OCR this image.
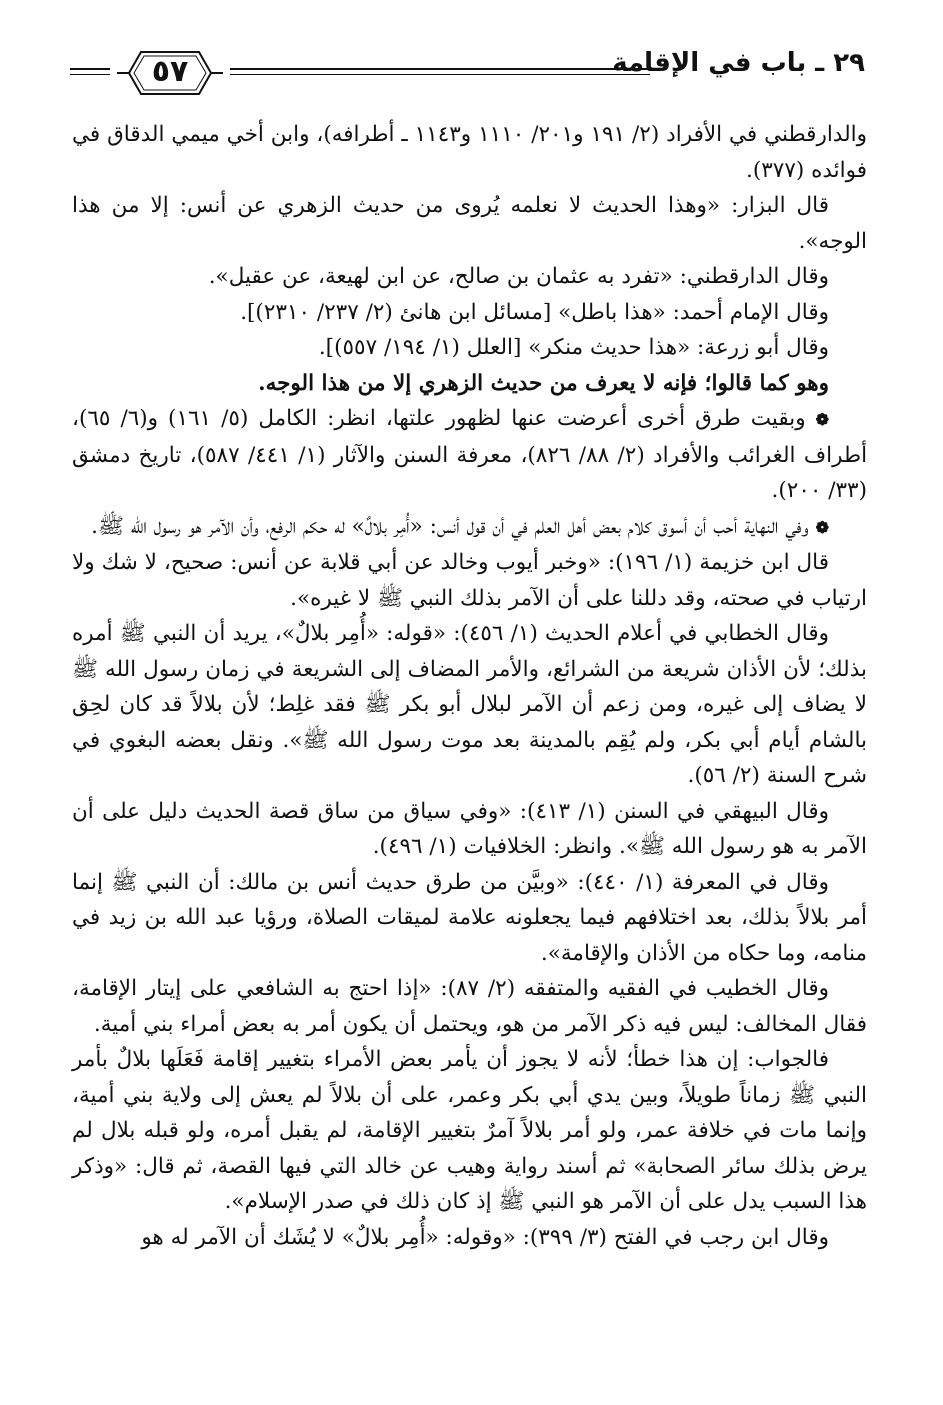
٢٩ ـ باب في الإقامة
٥٧

والدارقطني في الأفراد (٢/ ١٩١ و٢٠١/ ١١١٠ و١١٤٣ ـ أطرافه)، وابن أخي ميمي الدقاق في فوائده (٣٧٧).

قال البزار: «وهذا الحديث لا نعلمه يُروى من حديث الزهري عن أنس: إلا من هذا الوجه».

وقال الدارقطني: «تفرد به عثمان بن صالح، عن ابن لهيعة، عن عقيل».

وقال الإمام أحمد: «هذا باطل» [مسائل ابن هانئ (٢/ ٢٣٧/ ٢٣١٠)].

وقال أبو زرعة: «هذا حديث منكر» [العلل (١/ ١٩٤/ ٥٥٧)].

وهو كما قالوا؛ فإنه لا يعرف من حديث الزهري إلا من هذا الوجه.

❁ وبقيت طرق أخرى أعرضت عنها لظهور علتها، انظر: الكامل (٥/ ١٦١) و(٦/ ٦٥)، أطراف الغرائب والأفراد (٢/ ٨٨/ ٨٢٦)، معرفة السنن والآثار (١/ ٤٤١/ ٥٨٧)، تاريخ دمشق (٣٣/ ٢٠٠).

❁ وفي النهاية أحب أن أسوق كلام بعض أهل العلم في أن قول أنس: «أُمِر بلالٌ» له حكم الرفع، وأن الآمر هو رسول الله ﷺ.

قال ابن خزيمة (١/ ١٩٦): «وخبر أيوب وخالد عن أبي قلابة عن أنس: صحيح، لا شك ولا ارتياب في صحته، وقد دللنا على أن الآمر بذلك النبي ﷺ لا غيره».

وقال الخطابي في أعلام الحديث (١/ ٤٥٦): «قوله: «أُمِر بلالٌ»، يريد أن النبي ﷺ أمره بذلك؛ لأن الأذان شريعة من الشرائع، والأمر المضاف إلى الشريعة في زمان رسول الله ﷺ لا يضاف إلى غيره، ومن زعم أن الآمر لبلال أبو بكر ﷺ فقد غلِط؛ لأن بلالاً قد كان لحِق بالشام أيام أبي بكر، ولم يُقِم بالمدينة بعد موت رسول الله ﷺ». ونقل بعضه البغوي في شرح السنة (٢/ ٥٦).

وقال البيهقي في السنن (١/ ٤١٣): «وفي سياق من ساق قصة الحديث دليل على أن الآمر به هو رسول الله ﷺ». وانظر: الخلافيات (١/ ٤٩٦).

وقال في المعرفة (١/ ٤٤٠): «وبيَّن من طرق حديث أنس بن مالك: أن النبي ﷺ إنما أمر بلالاً بذلك، بعد اختلافهم فيما يجعلونه علامة لميقات الصلاة، ورؤيا عبد الله بن زيد في منامه، وما حكاه من الأذان والإقامة».

وقال الخطيب في الفقيه والمتفقه (٢/ ٨٧): «إذا احتج به الشافعي على إيتار الإقامة، فقال المخالف: ليس فيه ذكر الآمر من هو، ويحتمل أن يكون أمر به بعض أمراء بني أمية.

فالجواب: إن هذا خطأ؛ لأنه لا يجوز أن يأمر بعض الأمراء بتغيير إقامة فَعَلَها بلالٌ بأمر النبي ﷺ زماناً طويلاً، وبين يدي أبي بكر وعمر، على أن بلالاً لم يعش إلى ولاية بني أمية، وإنما مات في خلافة عمر، ولو أمر بلالاً آمرٌ بتغيير الإقامة، لم يقبل أمره، ولو قبله بلال لم يرض بذلك سائر الصحابة» ثم أسند رواية وهيب عن خالد التي فيها القصة، ثم قال: «وذكر هذا السبب يدل على أن الآمر هو النبي ﷺ إذ كان ذلك في صدر الإسلام».

وقال ابن رجب في الفتح (٣/ ٣٩٩): «وقوله: «أُمِر بلالٌ» لا يُشَك أن الآمر له هو
